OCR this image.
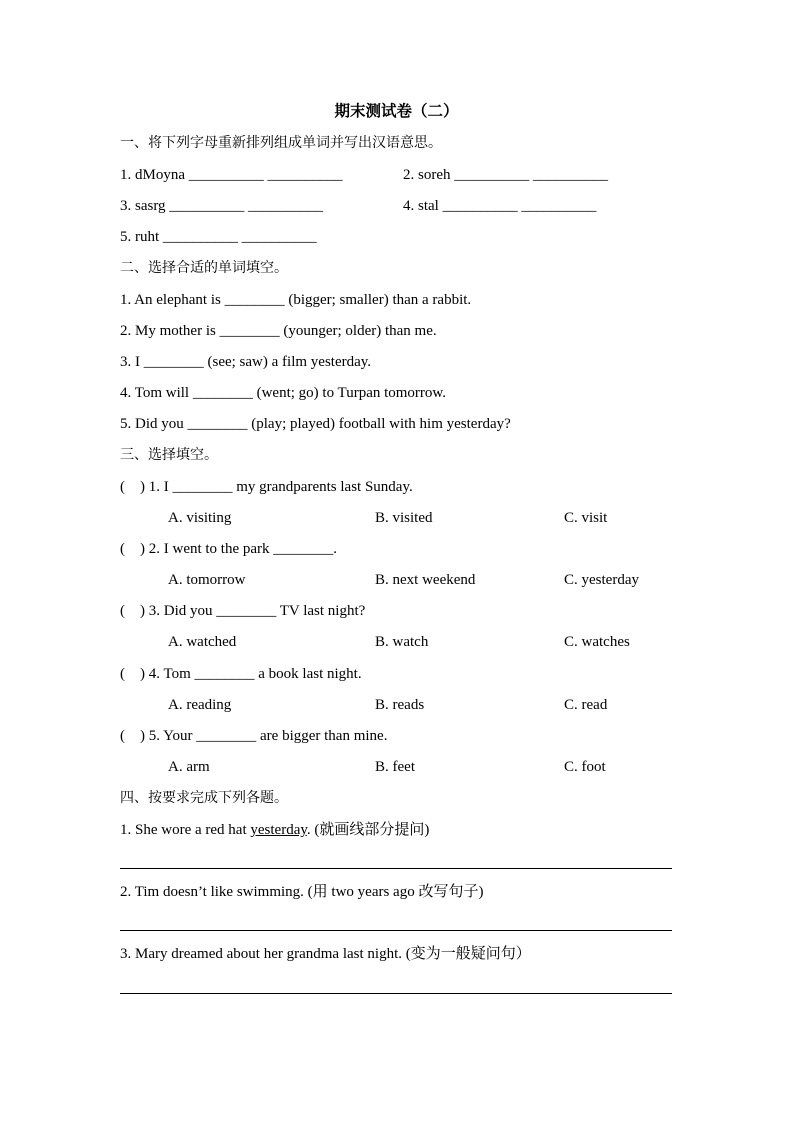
期末测试卷（二）
一、将下列字母重新排列组成单词并写出汉语意思。
1. dMoyna __________ __________	2. soreh __________ __________
3. sasrg __________ __________	4. stal __________ __________
5. ruht __________ __________
二、选择合适的单词填空。
1. An elephant is ________ (bigger; smaller) than a rabbit.
2. My mother is ________ (younger; older) than me.
3. I ________ (see; saw) a film yesterday.
4. Tom will ________ (went; go) to Turpan tomorrow.
5. Did you ________ (play; played) football with him yesterday?
三、选择填空。
(    ) 1. I ________ my grandparents last Sunday.
A. visiting	B. visited	C. visit
(    ) 2. I went to the park ________.
A. tomorrow	B. next weekend	C. yesterday
(    ) 3. Did you ________ TV last night?
A. watched	B. watch	C. watches
(    ) 4. Tom ________ a book last night.
A. reading	B. reads	C. read
(    ) 5. Your ________ are bigger than mine.
A. arm	B. feet	C. foot
四、按要求完成下列各题。
1. She wore a red hat yesterday. (就画线部分提问)
2. Tim doesn’t like swimming. (用 two years ago 改写句子)
3. Mary dreamed about her grandma last night. (变为一般疑问句）
